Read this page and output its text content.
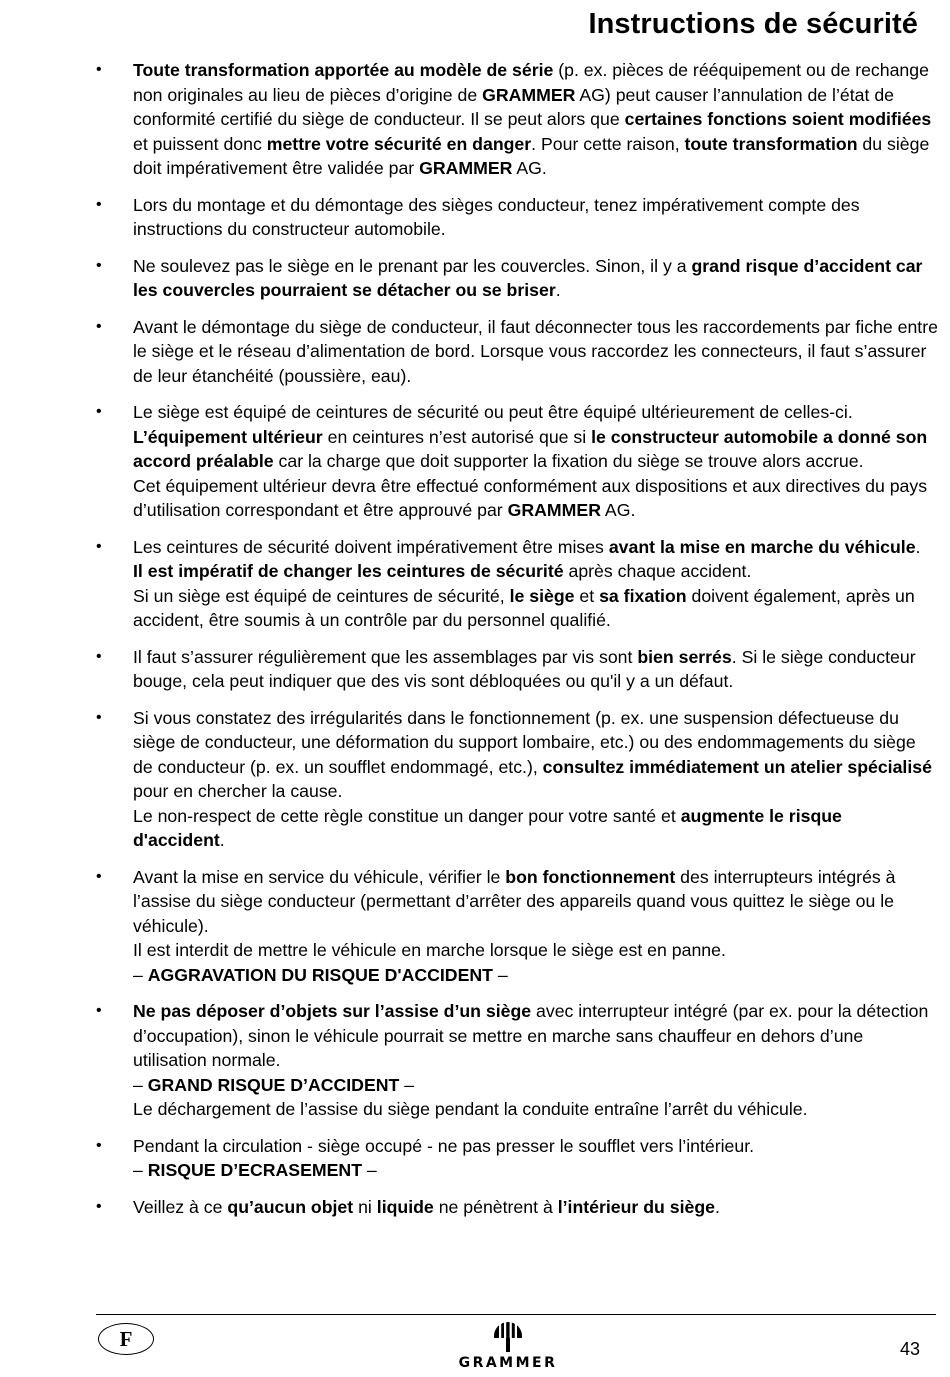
Instructions de sécurité
• Toute transformation apportée au modèle de série (p. ex. pièces de rééquipement ou de rechange non originales au lieu de pièces d’origine de GRAMMER AG) peut causer l’annulation de l’état de conformité certifié du siège de conducteur. Il se peut alors que certaines fonctions soient modifiées et puissent donc mettre votre sécurité en danger. Pour cette raison, toute transformation du siège doit impérativement être validée par GRAMMER AG.
• Lors du montage et du démontage des sièges conducteur, tenez impérativement compte des instructions du constructeur automobile.
• Ne soulevez pas le siège en le prenant par les couvercles. Sinon, il y a grand risque d’accident car les couvercles pourraient se détacher ou se briser.
• Avant le démontage du siège de conducteur, il faut déconnecter tous les raccordements par fiche entre le siège et le réseau d’alimentation de bord. Lorsque vous raccordez les connecteurs, il faut s’assurer de leur étanchéité (poussière, eau).
• Le siège est équipé de ceintures de sécurité ou peut être équipé ultérieurement de celles-ci. L’équipement ultérieur en ceintures n’est autorisé que si le constructeur automobile a donné son accord préalable car la charge que doit supporter la fixation du siège se trouve alors accrue.
Cet équipement ultérieur devra être effectué conformément aux dispositions et aux directives du pays d’utilisation correspondant et être approuvé par GRAMMER AG.
• Les ceintures de sécurité doivent impérativement être mises avant la mise en marche du véhicule.
Il est impératif de changer les ceintures de sécurité après chaque accident.
Si un siège est équipé de ceintures de sécurité, le siège et sa fixation doivent également, après un accident, être soumis à un contrôle par du personnel qualifié.
• Il faut s’assurer régulièrement que les assemblages par vis sont bien serrés. Si le siège conducteur bouge, cela peut indiquer que des vis sont débloquées ou qu'il y a un défaut.
• Si vous constatez des irrégularités dans le fonctionnement (p. ex. une suspension défectueuse du siège de conducteur, une déformation du support lombaire, etc.) ou des endommagements du siège de conducteur (p. ex. un soufflet endommagé, etc.), consultez immédiatement un atelier spécialisé pour en chercher la cause.
Le non-respect de cette règle constitue un danger pour votre santé et augmente le risque d'accident.
• Avant la mise en service du véhicule, vérifier le bon fonctionnement des interrupteurs intégrés à l’assise du siège conducteur (permettant d’arrêter des appareils quand vous quittez le siège ou le véhicule).
Il est interdit de mettre le véhicule en marche lorsque le siège est en panne.
– AGGRAVATION DU RISQUE D'ACCIDENT –
• Ne pas déposer d’objets sur l’assise d’un siège avec interrupteur intégré (par ex. pour la détection d’occupation), sinon le véhicule pourrait se mettre en marche sans chauffeur en dehors d’une utilisation normale.
– GRAND RISQUE D’ACCIDENT –
Le déchargement de l’assise du siège pendant la conduite entraîne l’arrêt du véhicule.
• Pendant la circulation - siège occupé - ne pas presser le soufflet vers l’intérieur.
– RISQUE D’ECRASEMENT –
• Veillez à ce qu’aucun objet ni liquide ne pénètrent à l’intérieur du siège.
F
GRAMMER
43
